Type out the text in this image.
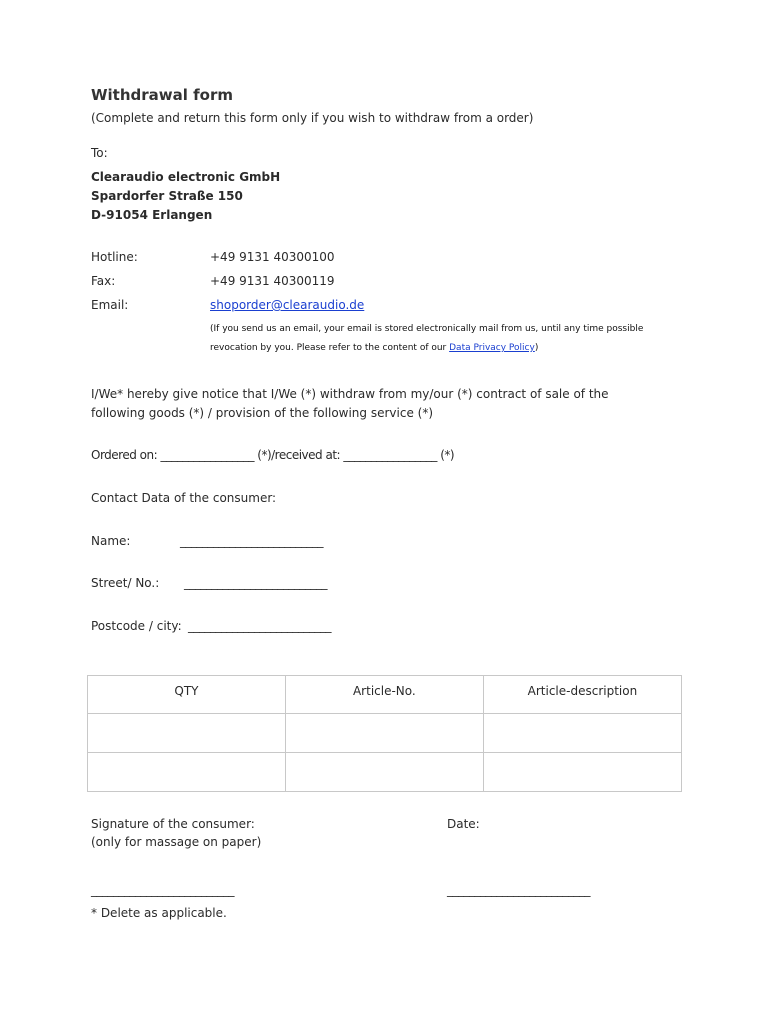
Withdrawal form
(Complete and return this form only if you wish to withdraw from a order)
To:
Clearaudio electronic GmbH
Spardorfer Straße 150
D-91054 Erlangen
Hotline:	+49 9131 40300100
Fax:	+49 9131 40300119
Email:	shoporder@clearaudio.de
(If you send us an email, your email is stored electronically mail from us, until any time possible
revocation by you. Please refer to the content of our Data Privacy Policy)
I/We* hereby give notice that I/We (*) withdraw from my/our (*) contract of sale of the
following goods (*) / provision of the following service (*)
Ordered on: _________________ (*)/received at: _________________ (*)
Contact Data of the consumer:
Name:	__________________________
Street/ No.: __________________________
Postcode / city: __________________________
QTY	Article-No.	Article-description

Signature of the consumer:
(only for massage on paper)
Date:
__________________________	__________________________
* Delete as applicable.
